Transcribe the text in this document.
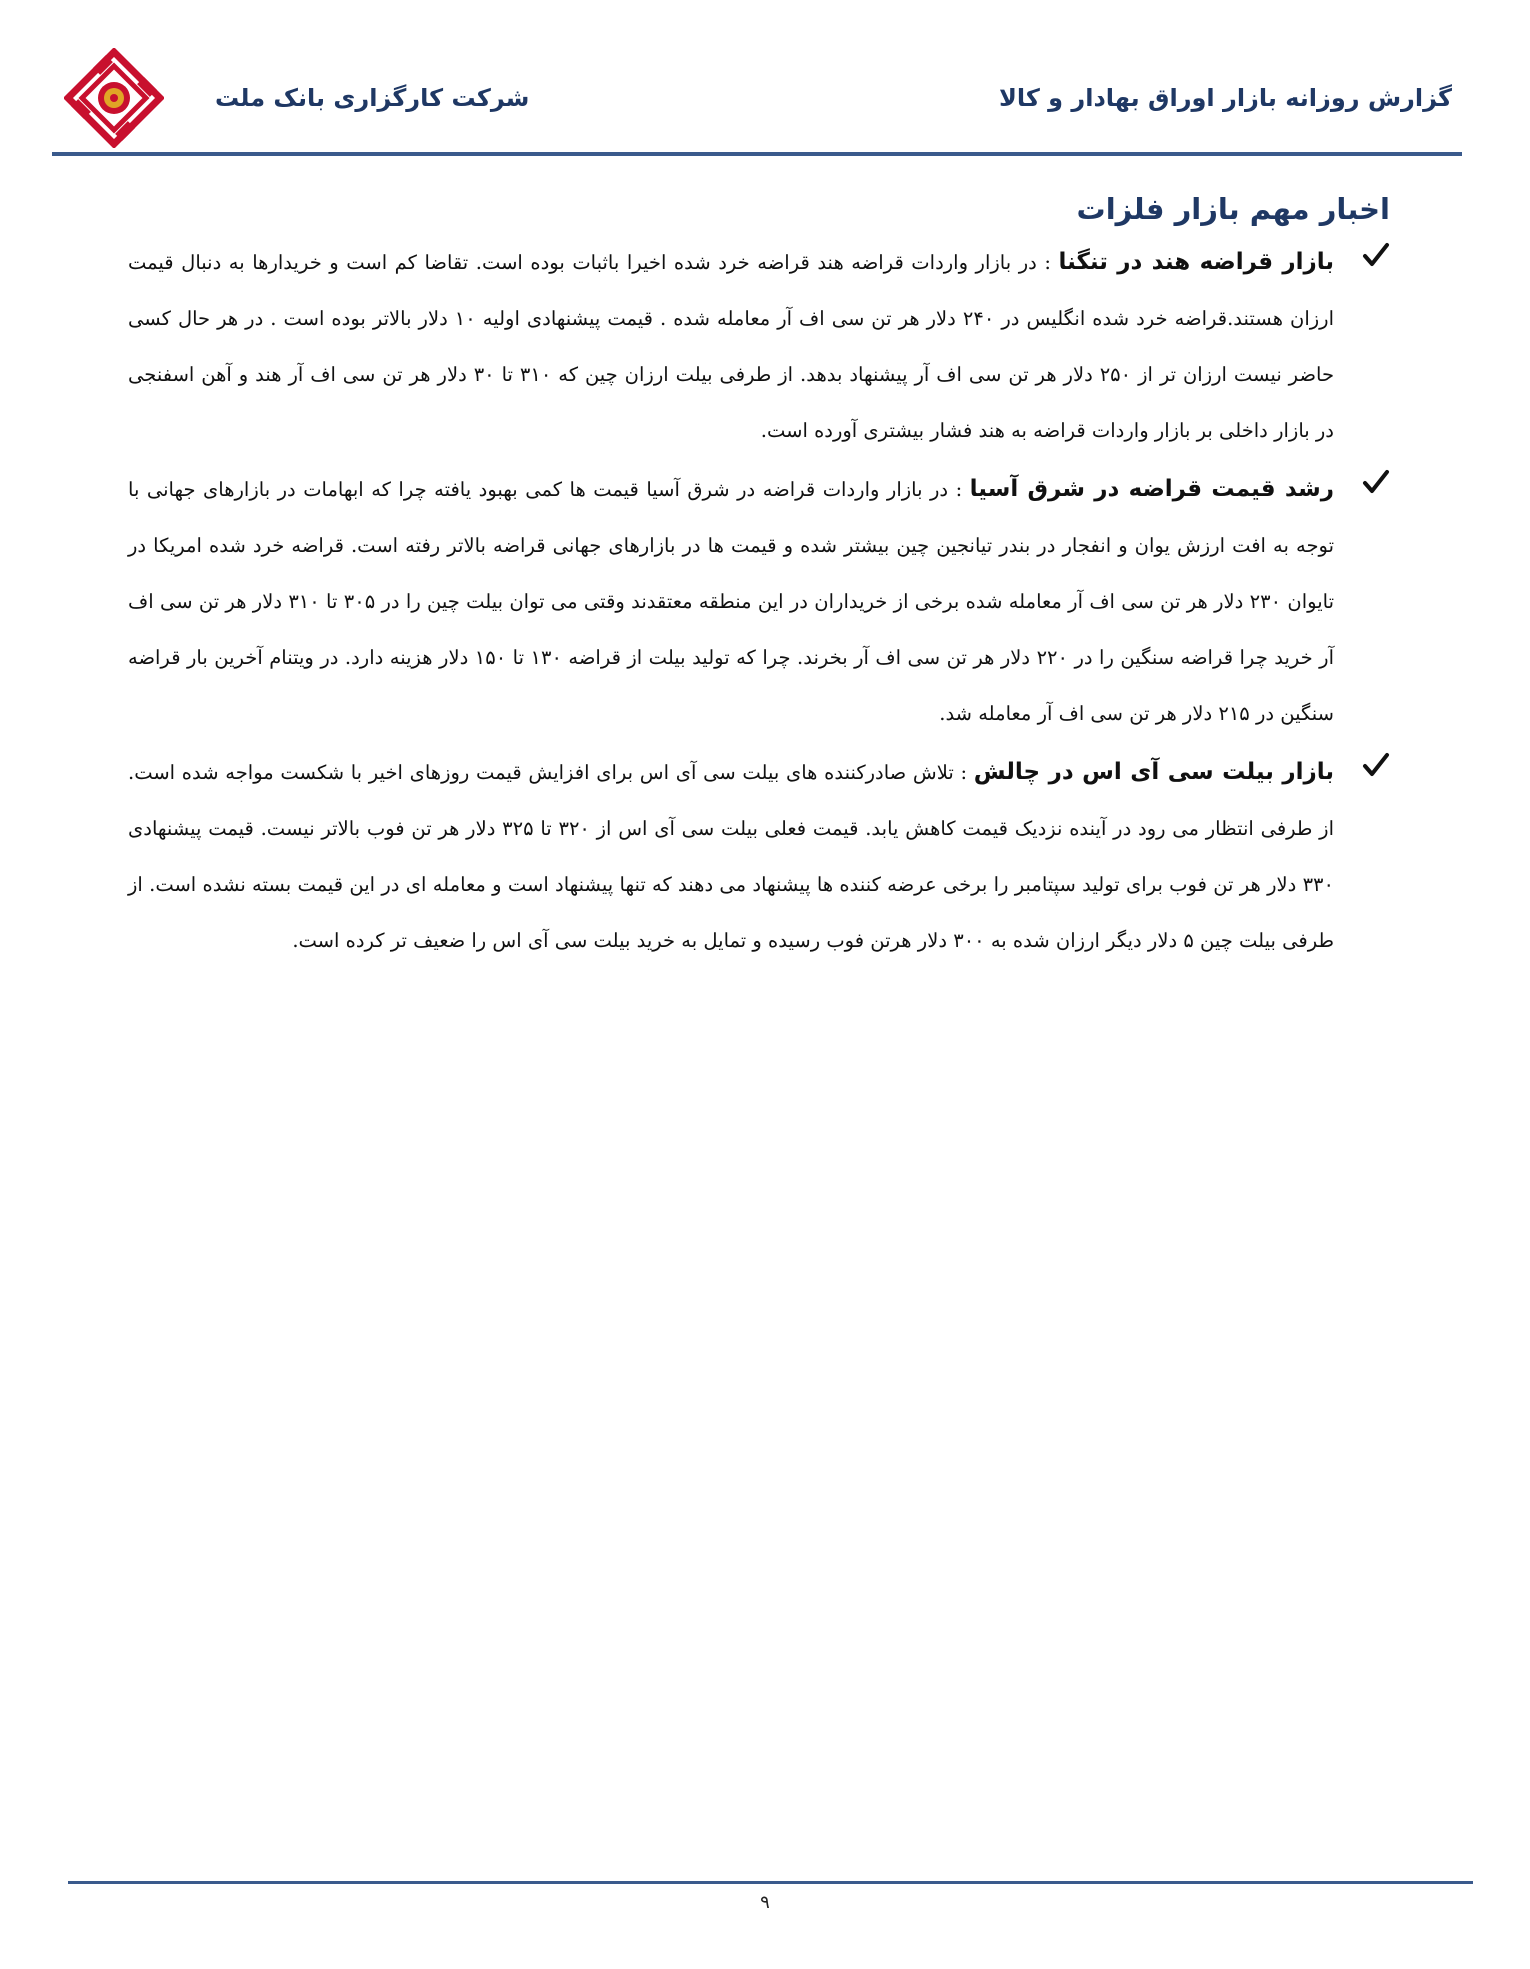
شرکت کارگزاری بانک ملت	گزارش روزانه بازار اوراق بهادار و کالا
اخبار مهم بازار فلزات

بازار قراضه هند در تنگنا : در بازار واردات قراضه هند قراضه خرد شده اخیرا باثبات بوده است. تقاضا کم است و خریدارها به دنبال قیمت ارزان هستند.قراضه خرد شده انگلیس در ۲۴۰ دلار هر تن سی اف آر معامله شده . قیمت پیشنهادی اولیه ۱۰ دلار بالاتر بوده است . در هر حال کسی حاضر نیست ارزان تر از ۲۵۰ دلار هر تن سی اف آر پیشنهاد بدهد. از طرفی بیلت ارزان چین که ۳۱۰ تا ۳۰ دلار هر تن سی اف آر هند و آهن اسفنجی در بازار داخلی بر بازار واردات قراضه به هند فشار بیشتری آورده است.

رشد قیمت قراضه در شرق آسیا : در بازار واردات قراضه در شرق آسیا قیمت ها کمی بهبود یافته چرا که ابهامات در بازارهای جهانی با توجه به افت ارزش یوان و انفجار در بندر تیانجین چین بیشتر شده و قیمت ها در بازارهای جهانی قراضه بالاتر رفته است. قراضه خرد شده امریکا در تایوان ۲۳۰ دلار هر تن سی اف آر معامله شده برخی از خریداران در این منطقه معتقدند وقتی می توان بیلت چین را در ۳۰۵ تا ۳۱۰ دلار هر تن سی اف آر خرید چرا قراضه سنگین را در ۲۲۰ دلار هر تن سی اف آر بخرند. چرا که تولید بیلت از قراضه ۱۳۰ تا ۱۵۰ دلار هزینه دارد. در ویتنام آخرین بار قراضه سنگین در ۲۱۵ دلار هر تن سی اف آر معامله شد.

بازار بیلت سی آی اس در چالش : تلاش صادرکننده های بیلت سی آی اس برای افزایش قیمت روزهای اخیر با شکست مواجه شده است. از طرفی انتظار می رود در آینده نزدیک قیمت کاهش یابد. قیمت فعلی بیلت سی آی اس از ۳۲۰ تا ۳۲۵ دلار هر تن فوب بالاتر نیست. قیمت پیشنهادی ۳۳۰ دلار هر تن فوب برای تولید سپتامبر را برخی عرضه کننده ها پیشنهاد می دهند که تنها پیشنهاد است و معامله ای در این قیمت بسته نشده است. از طرفی بیلت چین ۵ دلار دیگر ارزان شده به ۳۰۰ دلار هرتن فوب رسیده و تمایل به خرید بیلت سی آی اس را ضعیف تر کرده است.

۹
